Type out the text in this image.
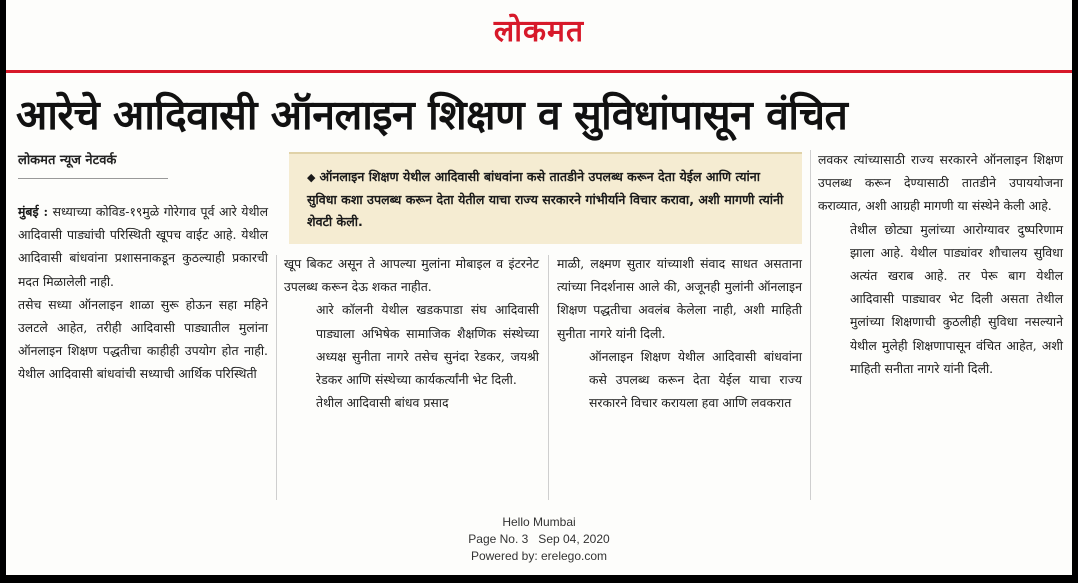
लोकमत
आरेचे आदिवासी ऑनलाइन शिक्षण व सुविधांपासून वंचित
लोकमत न्यूज नेटवर्क
◆ ऑनलाइन शिक्षण येथील आदिवासी बांधवांना कसे तातडीने उपलब्ध करून देता येईल आणि त्यांना सुविधा कशा उपलब्ध करून देता येतील याचा राज्य सरकारने गांभीर्याने विचार करावा, अशी मागणी त्यांनी शेवटी केली.

मुंबई : सध्याच्या कोविड-१९मुळे गोरेगाव पूर्व आरे येथील आदिवासी पाड्यांची परिस्थिती खूपच वाईट आहे. येथील आदिवासी बांधवांना प्रशासनाकडून कुठल्याही प्रकारची मदत मिळालेली नाही.

तसेच सध्या ऑनलाइन शाळा सुरू होऊन सहा महिने उलटले आहेत, तरीही आदिवासी पाड्यातील मुलांना ऑनलाइन शिक्षण पद्धतीचा काहीही उपयोग होत नाही. येथील आदिवासी बांधवांची सध्याची आर्थिक परिस्थिती

खूप बिकट असून ते आपल्या मुलांना मोबाइल व इंटरनेट उपलब्ध करून देऊ शकत नाहीत.

आरे कॉलनी येथील खडकपाडा संघ आदिवासी पाड्याला अभिषेक सामाजिक शैक्षणिक संस्थेच्या अध्यक्ष सुनीता नागरे तसेच सुनंदा रेडकर, जयश्री रेडकर आणि संस्थेच्या कार्यकर्त्यांनी भेट दिली.

तेथील आदिवासी बांधव प्रसाद

माळी, लक्ष्मण सुतार यांच्याशी संवाद साधत असताना त्यांच्या निदर्शनास आले की, अजूनही मुलांनी ऑनलाइन शिक्षण पद्धतीचा अवलंब केलेला नाही, अशी माहिती सुनीता नागरे यांनी दिली.

ऑनलाइन शिक्षण येथील आदिवासी बांधवांना कसे उपलब्ध करून देता येईल याचा राज्य सरकारने विचार करायला हवा आणि लवकरात

लवकर त्यांच्यासाठी राज्य सरकारने ऑनलाइन शिक्षण उपलब्ध करून देण्यासाठी तातडीने उपाययोजना कराव्यात, अशी आग्रही मागणी या संस्थेने केली आहे.

तेथील छोट्या मुलांच्या आरोग्यावर दुष्परिणाम झाला आहे. येथील पाड्यांवर शौचालय सुविधा अत्यंत खराब आहे. तर पेरू बाग येथील आदिवासी पाड्यावर भेट दिली असता तेथील मुलांच्या शिक्षणाची कुठलीही सुविधा नसल्याने येथील मुलेही शिक्षणापासून वंचित आहेत, अशी माहिती सनीता नागरे यांनी दिली.

Hello Mumbai
Page No. 3   Sep 04, 2020
Powered by: erelego.com
